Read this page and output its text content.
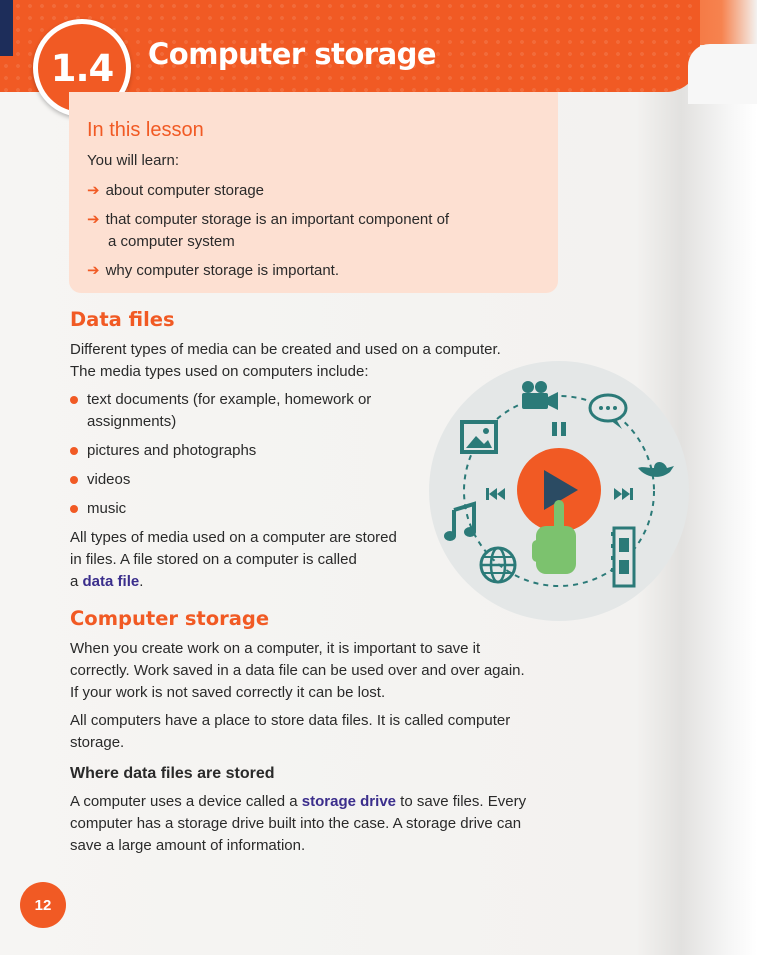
1.4	Computer storage
In this lesson
You will learn:
➔ about computer storage
➔ that computer storage is an important component of
a computer system
➔ why computer storage is important.
Data files
Different types of media can be created and used on a computer.
The media types used on computers include:
text documents (for example, homework or
assignments)
pictures and photographs
videos
music
All types of media used on a computer are stored
in files. A file stored on a computer is called
a data file.
Computer storage
When you create work on a computer, it is important to save it
correctly. Work saved in a data file can be used over and over again.
If your work is not saved correctly it can be lost.
All computers have a place to store data files. It is called computer
storage.
Where data files are stored
A computer uses a device called a storage drive to save files. Every
computer has a storage drive built into the case. A storage drive can
save a large amount of information.
12
